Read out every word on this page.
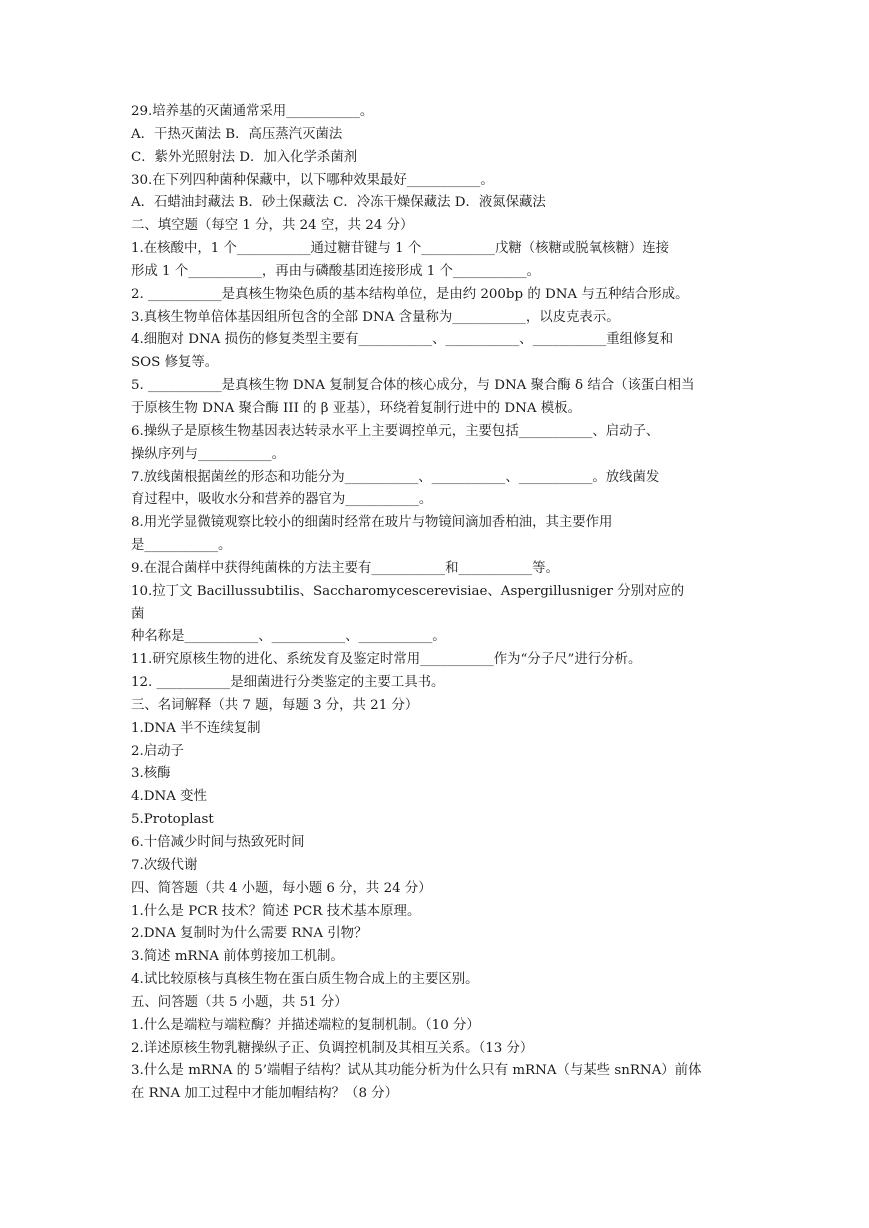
29.培养基的灭菌通常采用___________。
A．干热灭菌法 B．高压蒸汽灭菌法
C．紫外光照射法 D．加入化学杀菌剂
30.在下列四种菌种保藏中，以下哪种效果最好___________。
A．石蜡油封藏法 B．砂土保藏法 C．冷冻干燥保藏法 D．液氮保藏法
二、填空题（每空 1 分，共 24 空，共 24 分）
1.在核酸中，1 个___________通过糖苷键与 1 个___________戊糖（核糖或脱氧核糖）连接
形成 1 个___________，再由与磷酸基团连接形成 1 个___________。
2. ___________是真核生物染色质的基本结构单位，是由约 200bp 的 DNA 与五种结合形成。
3.真核生物单倍体基因组所包含的全部 DNA 含量称为___________，以皮克表示。
4.细胞对 DNA 损伤的修复类型主要有___________、___________、___________重组修复和
SOS 修复等。
5. ___________是真核生物 DNA 复制复合体的核心成分，与 DNA 聚合酶 δ 结合（该蛋白相当
于原核生物 DNA 聚合酶 III 的 β 亚基），环绕着复制行进中的 DNA 模板。
6.操纵子是原核生物基因表达转录水平上主要调控单元，主要包括___________、启动子、
操纵序列与___________。
7.放线菌根据菌丝的形态和功能分为___________、___________、___________。放线菌发
育过程中，吸收水分和营养的器官为___________。
8.用光学显微镜观察比较小的细菌时经常在玻片与物镜间滴加香柏油，其主要作用
是___________。
9.在混合菌样中获得纯菌株的方法主要有___________和___________等。
10.拉丁文 Bacillussubtilis、Saccharomycescerevisiae、Aspergillusniger 分别对应的
菌
种名称是___________、___________、___________。
11.研究原核生物的进化、系统发育及鉴定时常用___________作为“分子尺”进行分析。
12. ___________是细菌进行分类鉴定的主要工具书。
三、名词解释（共 7 题，每题 3 分，共 21 分）
1.DNA 半不连续复制
2.启动子
3.核酶
4.DNA 变性
5.Protoplast
6.十倍减少时间与热致死时间
7.次级代谢
四、简答题（共 4 小题，每小题 6 分，共 24 分）
1.什么是 PCR 技术？简述 PCR 技术基本原理。
2.DNA 复制时为什么需要 RNA 引物？
3.简述 mRNA 前体剪接加工机制。
4.试比较原核与真核生物在蛋白质生物合成上的主要区别。
五、问答题（共 5 小题，共 51 分）
1.什么是端粒与端粒酶？并描述端粒的复制机制。（10 分）
2.详述原核生物乳糖操纵子正、负调控机制及其相互关系。（13 分）
3.什么是 mRNA 的 5’端帽子结构？试从其功能分析为什么只有 mRNA（与某些 snRNA）前体
在 RNA 加工过程中才能加帽结构？（8 分）
